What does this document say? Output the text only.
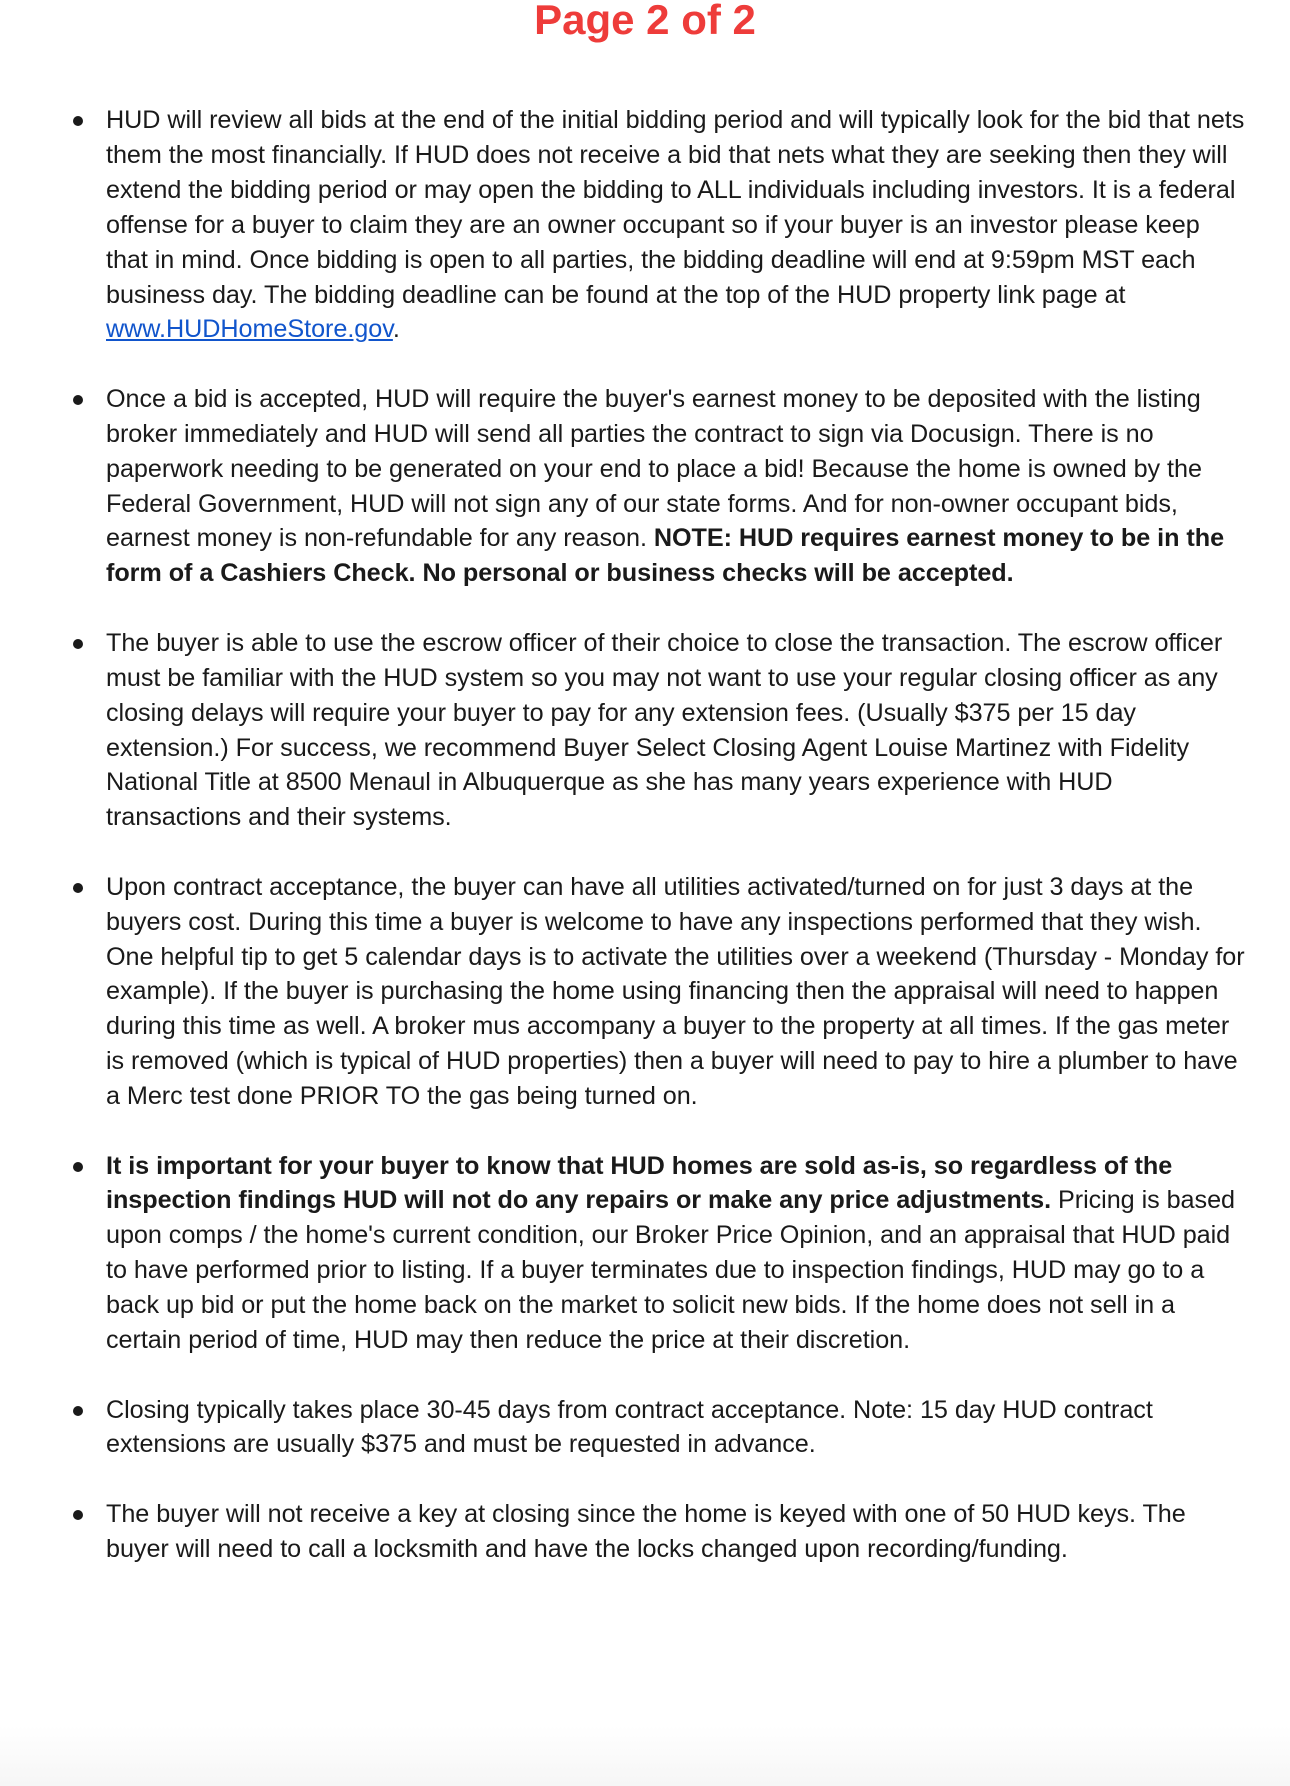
Page 2 of 2
HUD will review all bids at the end of the initial bidding period and will typically look for the bid that nets them the most financially. If HUD does not receive a bid that nets what they are seeking then they will extend the bidding period or may open the bidding to ALL individuals including investors. It is a federal offense for a buyer to claim they are an owner occupant so if your buyer is an investor please keep that in mind. Once bidding is open to all parties, the bidding deadline will end at 9:59pm MST each business day. The bidding deadline can be found at the top of the HUD property link page at www.HUDHomeStore.gov.
Once a bid is accepted, HUD will require the buyer's earnest money to be deposited with the listing broker immediately and HUD will send all parties the contract to sign via Docusign. There is no paperwork needing to be generated on your end to place a bid! Because the home is owned by the Federal Government, HUD will not sign any of our state forms. And for non-owner occupant bids, earnest money is non-refundable for any reason. NOTE: HUD requires earnest money to be in the form of a Cashiers Check. No personal or business checks will be accepted.
The buyer is able to use the escrow officer of their choice to close the transaction. The escrow officer must be familiar with the HUD system so you may not want to use your regular closing officer as any closing delays will require your buyer to pay for any extension fees. (Usually $375 per 15 day extension.) For success, we recommend Buyer Select Closing Agent Louise Martinez with Fidelity National Title at 8500 Menaul in Albuquerque as she has many years experience with HUD transactions and their systems.
Upon contract acceptance, the buyer can have all utilities activated/turned on for just 3 days at the buyers cost. During this time a buyer is welcome to have any inspections performed that they wish. One helpful tip to get 5 calendar days is to activate the utilities over a weekend (Thursday - Monday for example). If the buyer is purchasing the home using financing then the appraisal will need to happen during this time as well. A broker mus accompany a buyer to the property at all times. If the gas meter is removed (which is typical of HUD properties) then a buyer will need to pay to hire a plumber to have a Merc test done PRIOR TO the gas being turned on.
It is important for your buyer to know that HUD homes are sold as-is, so regardless of the inspection findings HUD will not do any repairs or make any price adjustments. Pricing is based upon comps / the home's current condition, our Broker Price Opinion, and an appraisal that HUD paid to have performed prior to listing. If a buyer terminates due to inspection findings, HUD may go to a back up bid or put the home back on the market to solicit new bids. If the home does not sell in a certain period of time, HUD may then reduce the price at their discretion.
Closing typically takes place 30-45 days from contract acceptance. Note: 15 day HUD contract extensions are usually $375 and must be requested in advance.
The buyer will not receive a key at closing since the home is keyed with one of 50 HUD keys. The buyer will need to call a locksmith and have the locks changed upon recording/funding.
